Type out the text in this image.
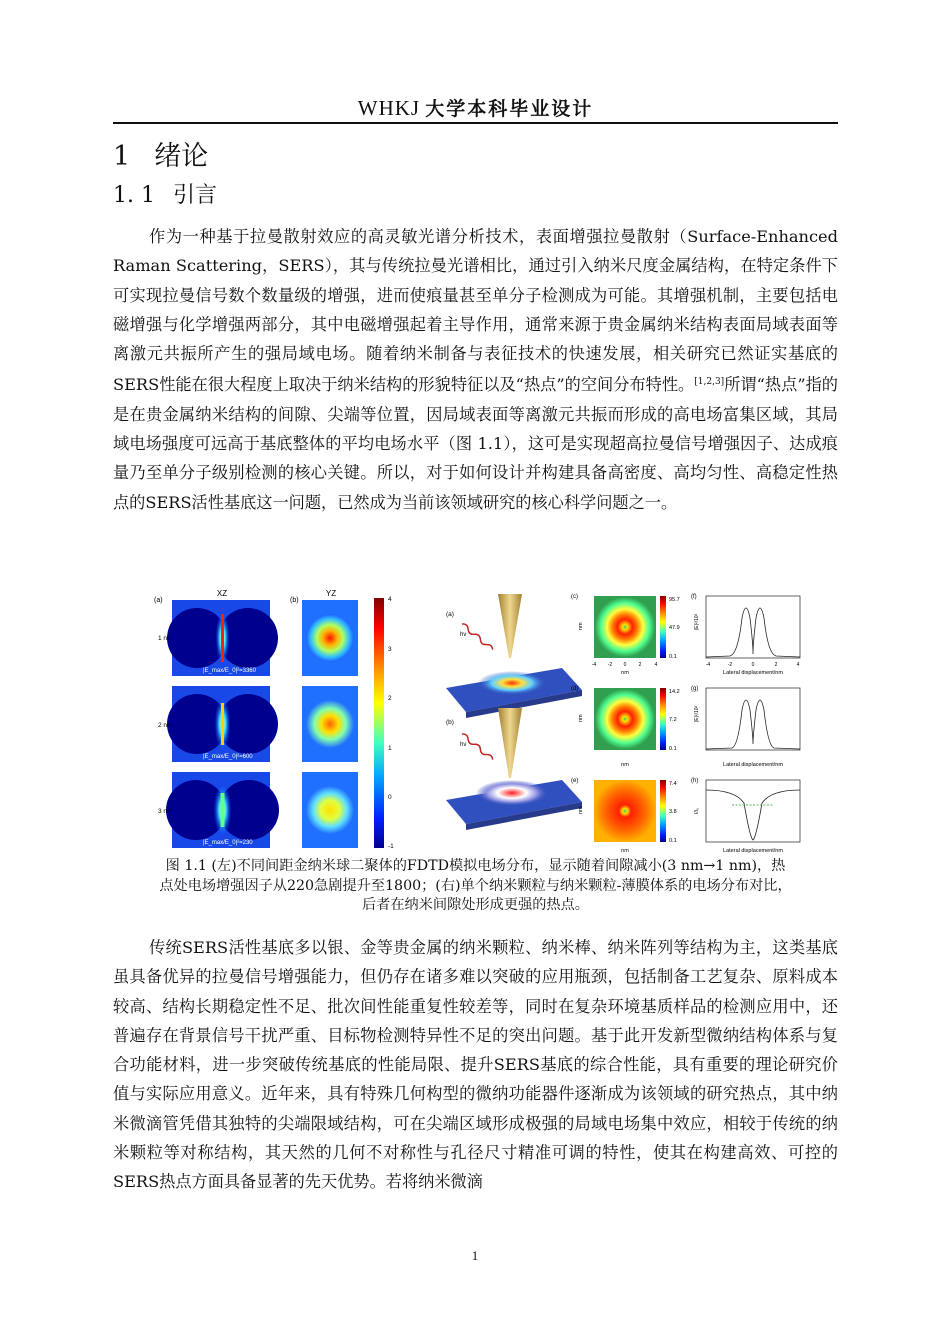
WHKJ 大学本科毕业设计
1 绪论
1. 1 引言

作为一种基于拉曼散射效应的高灵敏光谱分析技术，表面增强拉曼散射（Surface-Enhanced Raman Scattering，SERS），其与传统拉曼光谱相比，通过引入纳米尺度金属结构，在特定条件下可实现拉曼信号数个数量级的增强，进而使痕量甚至单分子检测成为可能。其增强机制，主要包括电磁增强与化学增强两部分，其中电磁增强起着主导作用，通常来源于贵金属纳米结构表面局域表面等离激元共振所产生的强局域电场。随着纳米制备与表征技术的快速发展，相关研究已然证实基底的SERS性能在很大程度上取决于纳米结构的形貌特征以及“热点”的空间分布特性。[1,2,3]所谓“热点”指的是在贵金属纳米结构的间隙、尖端等位置，因局域表面等离激元共振而形成的高电场富集区域，其局域电场强度可远高于基底整体的平均电场水平（图 1.1），这可是实现超高拉曼信号增强因子、达成痕量乃至单分子级别检测的核心关键。所以，对于如何设计并构建具备高密度、高均匀性、高稳定性热点的SERS活性基底这一问题，已然成为当前该领域研究的核心科学问题之一。

(a)	(b)
XZ	YZ
1 nm
|E_max/E_0|²=3360
2 nm
|E_max/E_0|²=600
3 nm
|E_max/E_0|²=230
4
3
2
1
0
-1
(a)
(b)
hν
hν
(c)	95.7
47.9
0.1
nm
nm
-4 -2 0 2	4
(d)	14.2
7.2
0.1
nm
nm
(e)	7.4
3.8
0.1
nm
nm
(f)
|E|²/10³
Lateral displacement/nm
-4	-2	0	2	4
(g)
|E|²/10²
Lateral displacement/nm
(h)
I/I₀
Lateral displacement/nm
图 1.1 (左)不同间距金纳米球二聚体的FDTD模拟电场分布，显示随着间隙减小(3 nm→1 nm)，热
点处电场增强因子从220急剧提升至1800；(右)单个纳米颗粒与纳米颗粒-薄膜体系的电场分布对比，
后者在纳米间隙处形成更强的热点。

传统SERS活性基底多以银、金等贵金属的纳米颗粒、纳米棒、纳米阵列等结构为主，这类基底虽具备优异的拉曼信号增强能力，但仍存在诸多难以突破的应用瓶颈，包括制备工艺复杂、原料成本较高、结构长期稳定性不足、批次间性能重复性较差等，同时在复杂环境基质样品的检测应用中，还普遍存在背景信号干扰严重、目标物检测特异性不足的突出问题。基于此开发新型微纳结构体系与复合功能材料，进一步突破传统基底的性能局限、提升SERS基底的综合性能，具有重要的理论研究价值与实际应用意义。近年来，具有特殊几何构型的微纳功能器件逐渐成为该领域的研究热点，其中纳米微滴管凭借其独特的尖端限域结构，可在尖端区域形成极强的局域电场集中效应，相较于传统的纳米颗粒等对称结构，其天然的几何不对称性与孔径尺寸精准可调的特性，使其在构建高效、可控的SERS热点方面具备显著的先天优势。若将纳米微滴

1
